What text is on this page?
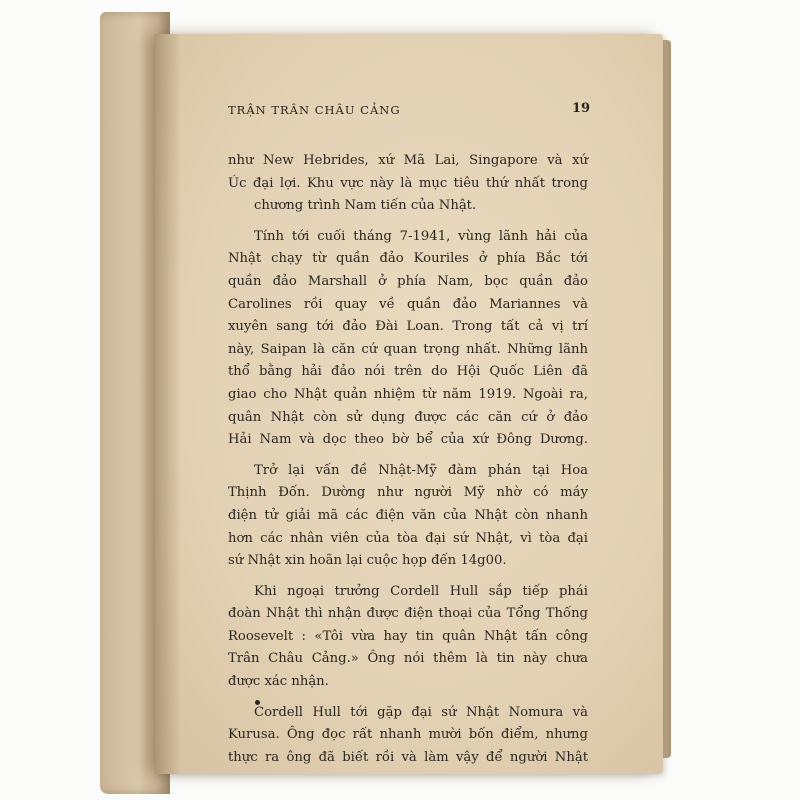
TRẬN TRÂN CHÂU CẢNG	19

như New Hebrides, xứ Mã Lai, Singapore và xứ
Úc đại lợi. Khu vực này là mục tiêu thứ nhất trong
chương trình Nam tiến của Nhật.

Tính tới cuối tháng 7-1941, vùng lãnh hải của
Nhật chạy từ quần đảo Kouriles ở phía Bắc tới
quần đảo Marshall ở phía Nam, bọc quần đảo
Carolines rồi quay về quần đảo Mariannes và
xuyên sang tới đảo Đài Loan. Trong tất cả vị trí
này, Saipan là căn cứ quan trọng nhất. Những lãnh
thổ bằng hải đảo nói trên do Hội Quốc Liên đã
giao cho Nhật quản nhiệm từ năm 1919. Ngoài ra,
quân Nhật còn sử dụng được các căn cứ ở đảo
Hải Nam và dọc theo bờ bể của xứ Đông Dương.

Trở lại vấn đề Nhật-Mỹ đàm phán tại Hoa
Thịnh Đốn. Dường như người Mỹ nhờ có máy
điện tử giải mã các điện văn của Nhật còn nhanh
hơn các nhân viên của tòa đại sứ Nhật, vì tòa đại
sứ Nhật xin hoãn lại cuộc họp đến 14g00.

Khi ngoại trưởng Cordell Hull sắp tiếp phái
đoàn Nhật thì nhận được điện thoại của Tổng Thống
Roosevelt : «Tôi vừa hay tin quân Nhật tấn công
Trân Châu Cảng.» Ông nói thêm là tin này chưa
được xác nhận.

Cordell Hull tới gặp đại sứ Nhật Nomura và
Kurusa. Ông đọc rất nhanh mười bốn điểm, nhưng
thực ra ông đã biết rồi và làm vậy để người Nhật
